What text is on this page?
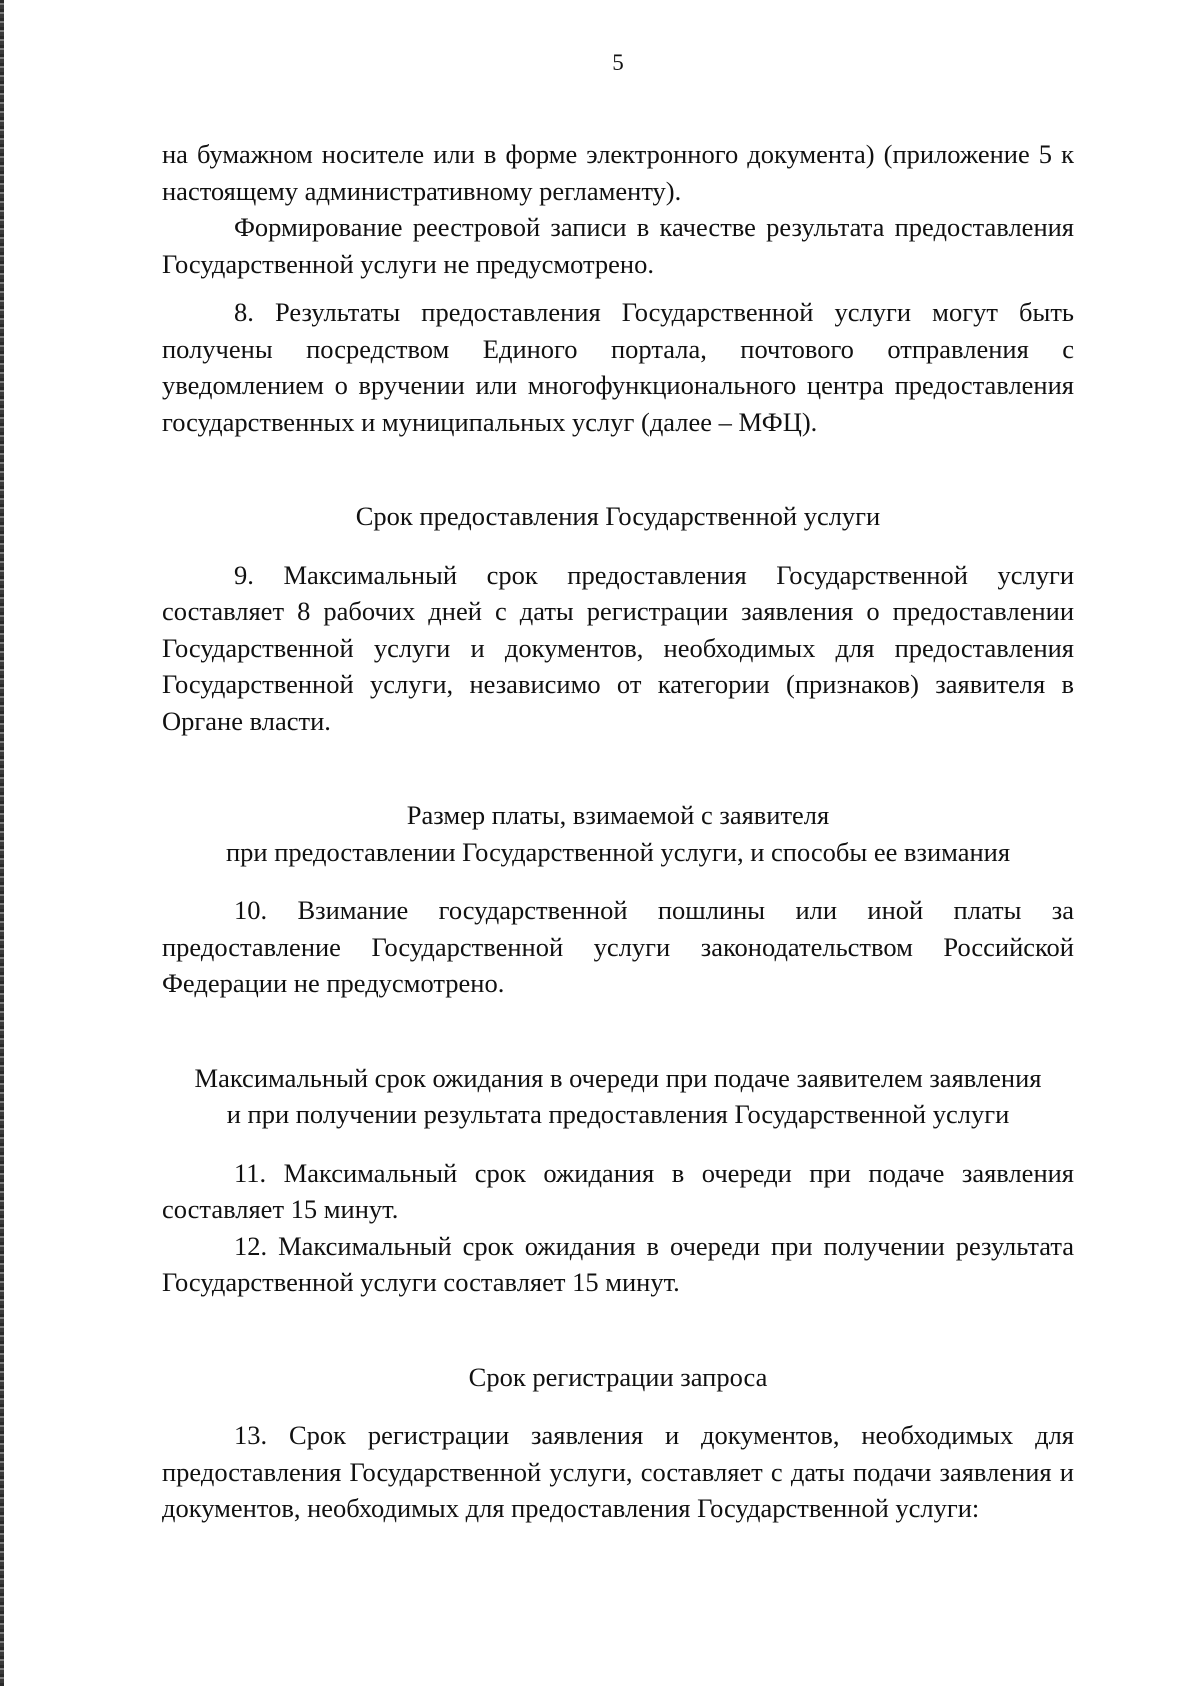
5

на бумажном носителе или в форме электронного документа) (приложение 5 к настоящему административному регламенту).

Формирование реестровой записи в качестве результата предоставления Государственной услуги не предусмотрено.

8. Результаты предоставления Государственной услуги могут быть получены посредством Единого портала, почтового отправления с уведомлением о вручении или многофункционального центра предоставления государственных и муниципальных услуг (далее – МФЦ).

Срок предоставления Государственной услуги

9. Максимальный срок предоставления Государственной услуги составляет 8 рабочих дней с даты регистрации заявления о предоставлении Государственной услуги и документов, необходимых для предоставления Государственной услуги, независимо от категории (признаков) заявителя в Органе власти.

Размер платы, взимаемой с заявителя
при предоставлении Государственной услуги, и способы ее взимания

10. Взимание государственной пошлины или иной платы за предоставление Государственной услуги законодательством Российской Федерации не предусмотрено.

Максимальный срок ожидания в очереди при подаче заявителем заявления
и при получении результата предоставления Государственной услуги

11. Максимальный срок ожидания в очереди при подаче заявления составляет 15 минут.

12. Максимальный срок ожидания в очереди при получении результата Государственной услуги составляет 15 минут.

Срок регистрации запроса

13. Срок регистрации заявления и документов, необходимых для предоставления Государственной услуги, составляет с даты подачи заявления и документов, необходимых для предоставления Государственной услуги:
